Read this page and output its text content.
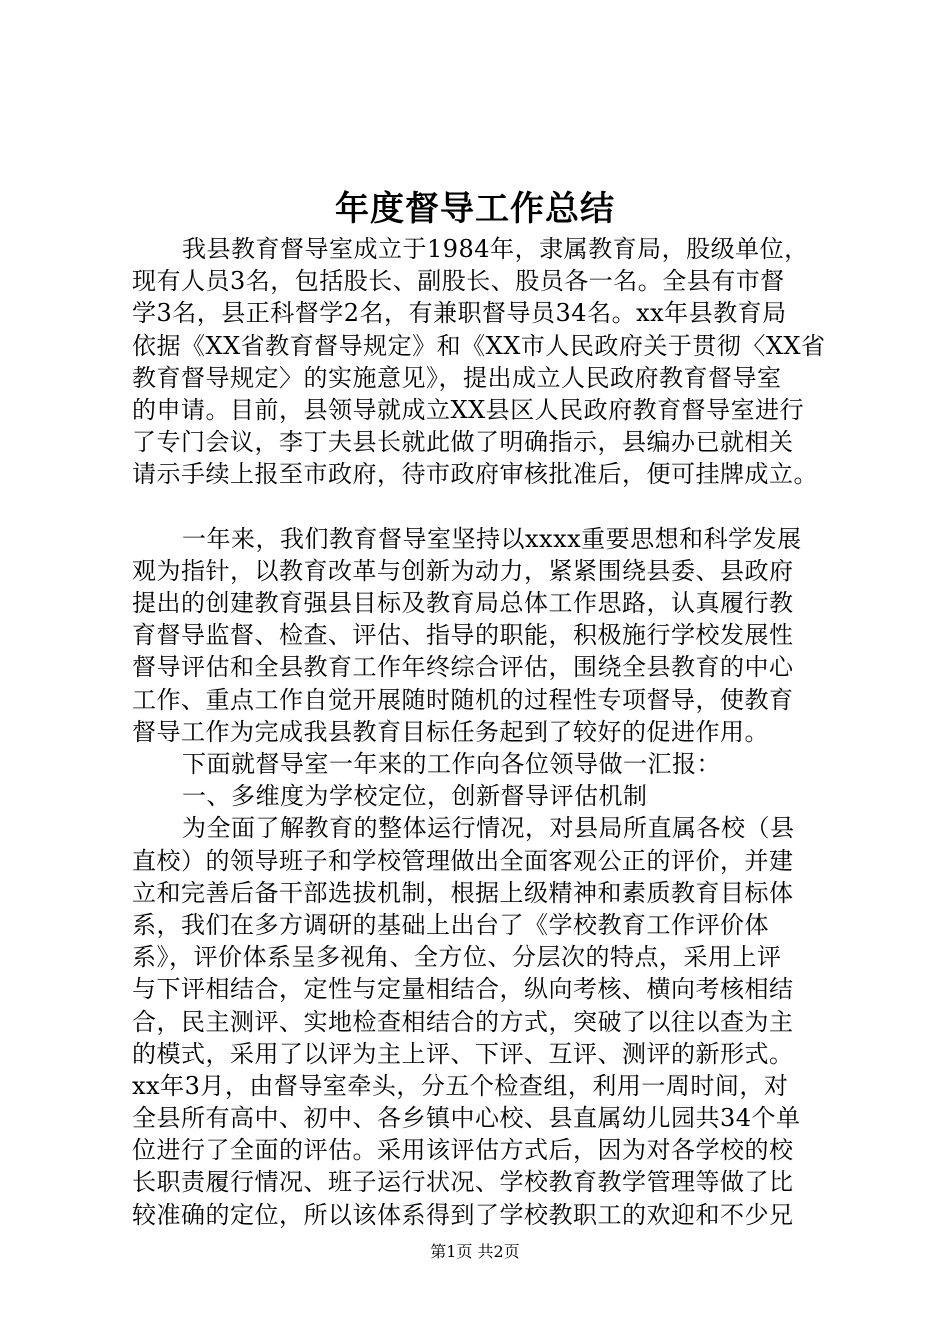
年度督导工作总结
我县教育督导室成立于1984年，隶属教育局，股级单位，
现有人员3名，包括股长、副股长、股员各一名。全县有市督
学3名，县正科督学2名，有兼职督导员34名。xx年县教育局
依据《XX省教育督导规定》和《XX市人民政府关于贯彻〈XX省
教育督导规定〉的实施意见》，提出成立人民政府教育督导室
的申请。目前，县领导就成立XX县区人民政府教育督导室进行
了专门会议，李丁夫县长就此做了明确指示，县编办已就相关
请示手续上报至市政府，待市政府审核批准后，便可挂牌成立。
一年来，我们教育督导室坚持以xxxx重要思想和科学发展
观为指针，以教育改革与创新为动力，紧紧围绕县委、县政府
提出的创建教育强县目标及教育局总体工作思路，认真履行教
育督导监督、检查、评估、指导的职能，积极施行学校发展性
督导评估和全县教育工作年终综合评估，围绕全县教育的中心
工作、重点工作自觉开展随时随机的过程性专项督导，使教育
督导工作为完成我县教育目标任务起到了较好的促进作用。
下面就督导室一年来的工作向各位领导做一汇报：
一、多维度为学校定位，创新督导评估机制
为全面了解教育的整体运行情况，对县局所直属各校（县
直校）的领导班子和学校管理做出全面客观公正的评价，并建
立和完善后备干部选拔机制，根据上级精神和素质教育目标体
系，我们在多方调研的基础上出台了《学校教育工作评价体
系》，评价体系呈多视角、全方位、分层次的特点，采用上评
与下评相结合，定性与定量相结合，纵向考核、横向考核相结
合，民主测评、实地检查相结合的方式，突破了以往以查为主
的模式，采用了以评为主上评、下评、互评、测评的新形式。
xx年3月，由督导室牵头，分五个检查组，利用一周时间，对
全县所有高中、初中、各乡镇中心校、县直属幼儿园共34个单
位进行了全面的评估。采用该评估方式后，因为对各学校的校
长职责履行情况、班子运行状况、学校教育教学管理等做了比
较准确的定位，所以该体系得到了学校教职工的欢迎和不少兄
第1页 共2页
